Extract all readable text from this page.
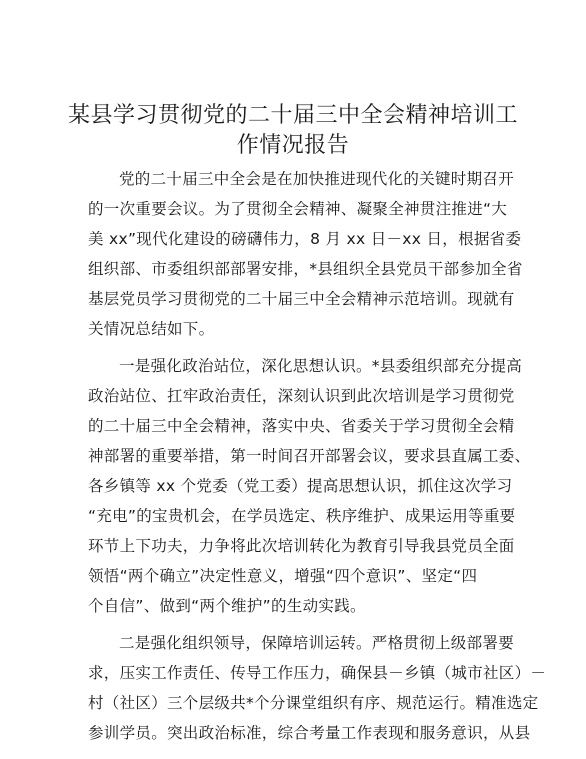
某县学习贯彻党的二十届三中全会精神培训工
作情况报告
党的二十届三中全会是在加快推进现代化的关键时期召开
的一次重要会议。为了贯彻全会精神、凝聚全神贯注推进“大
美 xx”现代化建设的磅礴伟力，8 月 xx 日－xx 日，根据省委
组织部、市委组织部部署安排，*县组织全县党员干部参加全省
基层党员学习贯彻党的二十届三中全会精神示范培训。现就有
关情况总结如下。
一是强化政治站位，深化思想认识。*县委组织部充分提高
政治站位、扛牢政治责任，深刻认识到此次培训是学习贯彻党
的二十届三中全会精神，落实中央、省委关于学习贯彻全会精
神部署的重要举措，第一时间召开部署会议，要求县直属工委、
各乡镇等 xx 个党委（党工委）提高思想认识，抓住这次学习
“充电”的宝贵机会，在学员选定、秩序维护、成果运用等重要
环节上下功夫，力争将此次培训转化为教育引导我县党员全面
领悟“两个确立”决定性意义，增强“四个意识”、坚定“四
个自信”、做到“两个维护”的生动实践。
二是强化组织领导，保障培训运转。严格贯彻上级部署要
求，压实工作责任、传导工作压力，确保县－乡镇（城市社区）－
村（社区）三个层级共*个分课堂组织有序、规范运行。精准选定
参训学员。突出政治标准，综合考量工作表现和服务意识，从县
